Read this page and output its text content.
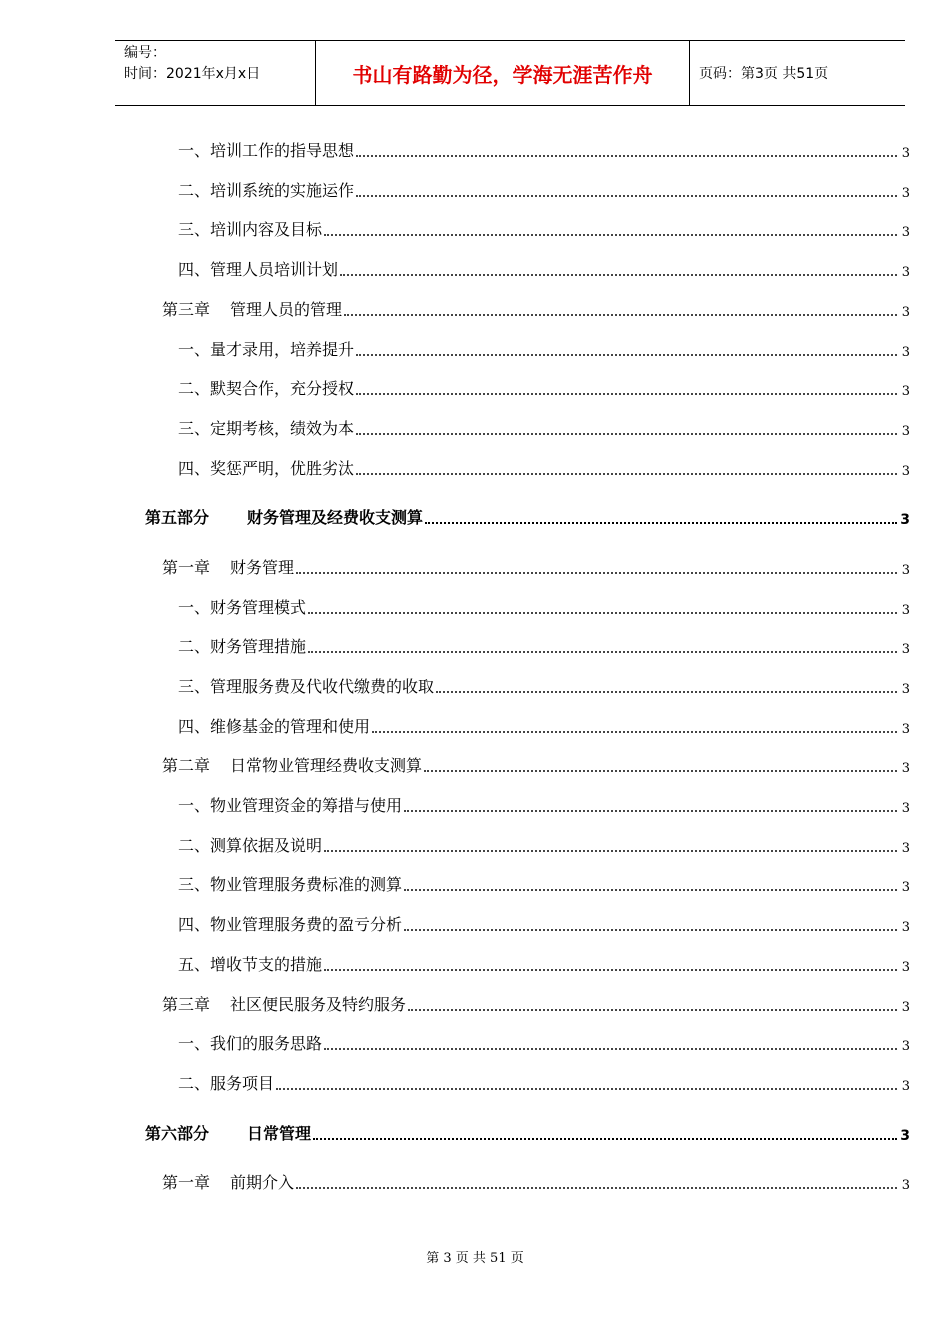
编号：
时间：2021年x月x日	书山有路勤为径，学海无涯苦作舟	页码：第3页 共51页
一、 培训工作的指导思想	3
二、 培训系统的实施运作	3
三、 培训内容及目标	3
四、 管理人员培训计划	3
第三章 管理人员的管理	3
一、 量才录用，培养提升	3
二、 默契合作，充分授权	3
三、 定期考核，绩效为本	3
四、 奖惩严明，优胜劣汰	3
第五部分 财务管理及经费收支测算	3
第一章 财务管理	3
一、 财务管理模式	3
二、 财务管理措施	3
三、 管理服务费及代收代缴费的收取	3
四、 维修基金的管理和使用	3
第二章 日常物业管理经费收支测算	3
一、 物业管理资金的筹措与使用	3
二、 测算依据及说明	3
三、 物业管理服务费标准的测算	3
四、 物业管理服务费的盈亏分析	3
五、 增收节支的措施	3
第三章 社区便民服务及特约服务	3
一、 我们的服务思路	3
二、 服务项目	3
第六部分 日常管理	3
第一章 前期介入	3
第 3 页 共 51 页
